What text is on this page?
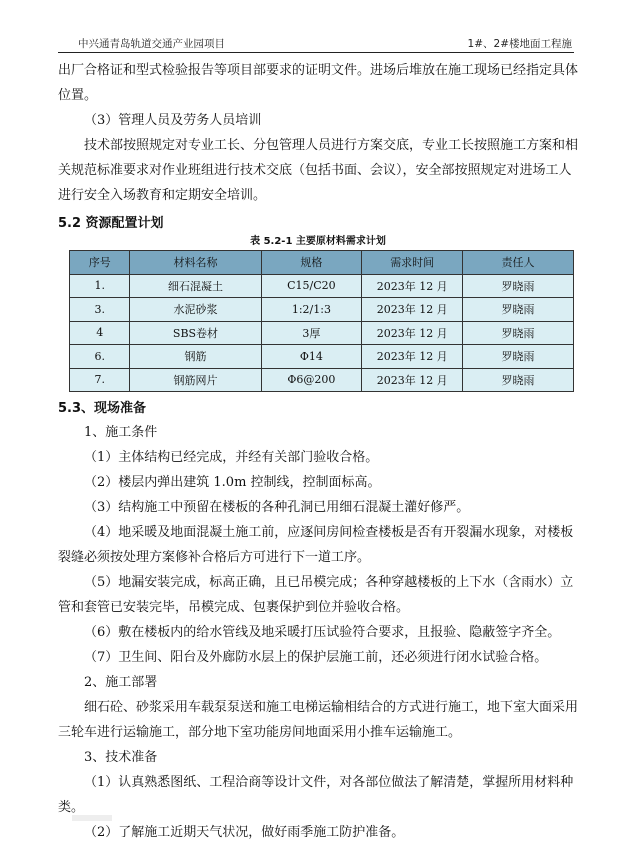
中兴通青岛轨道交通产业园项目	1#、2#楼地面工程施

出厂合格证和型式检验报告等项目部要求的证明文件。进场后堆放在施工现场已经指定具体位置。

（3）管理人员及劳务人员培训

技术部按照规定对专业工长、分包管理人员进行方案交底，专业工长按照施工方案和相关规范标准要求对作业班组进行技术交底（包括书面、会议），安全部按照规定对进场工人进行安全入场教育和定期安全培训。

5.2 资源配置计划
表 5.2-1 主要原材料需求计划
序号	材料名称	规格	需求时间	责任人
1.	细石混凝土	C15/C20	2023年 12 月	罗晓雨
3.	水泥砂浆	1:2/1:3	2023年 12 月	罗晓雨
4	SBS卷材	3厚	2023年 12 月	罗晓雨
6.	钢筋	Φ14	2023年 12 月	罗晓雨
7.	钢筋网片	Φ6@200	2023年 12 月	罗晓雨
5.3、现场准备

1、施工条件

（1）主体结构已经完成，并经有关部门验收合格。

（2）楼层内弹出建筑 1.0m 控制线，控制面标高。

（3）结构施工中预留在楼板的各种孔洞已用细石混凝土灌好修严。

（4）地采暖及地面混凝土施工前，应逐间房间检查楼板是否有开裂漏水现象，对楼板裂缝必须按处理方案修补合格后方可进行下一道工序。

（5）地漏安装完成，标高正确，且已吊模完成；各种穿越楼板的上下水（含雨水）立管和套管已安装完毕，吊模完成、包裹保护到位并验收合格。

（6）敷在楼板内的给水管线及地采暖打压试验符合要求，且报验、隐蔽签字齐全。

（7）卫生间、阳台及外廊防水层上的保护层施工前，还必须进行闭水试验合格。

2、施工部署

细石砼、砂浆采用车载泵泵送和施工电梯运输相结合的方式进行施工，地下室大面采用三轮车进行运输施工，部分地下室功能房间地面采用小推车运输施工。

3、技术准备

（1）认真熟悉图纸、工程洽商等设计文件，对各部位做法了解清楚，掌握所用材料种类。

（2）了解施工近期天气状况，做好雨季施工防护准备。
